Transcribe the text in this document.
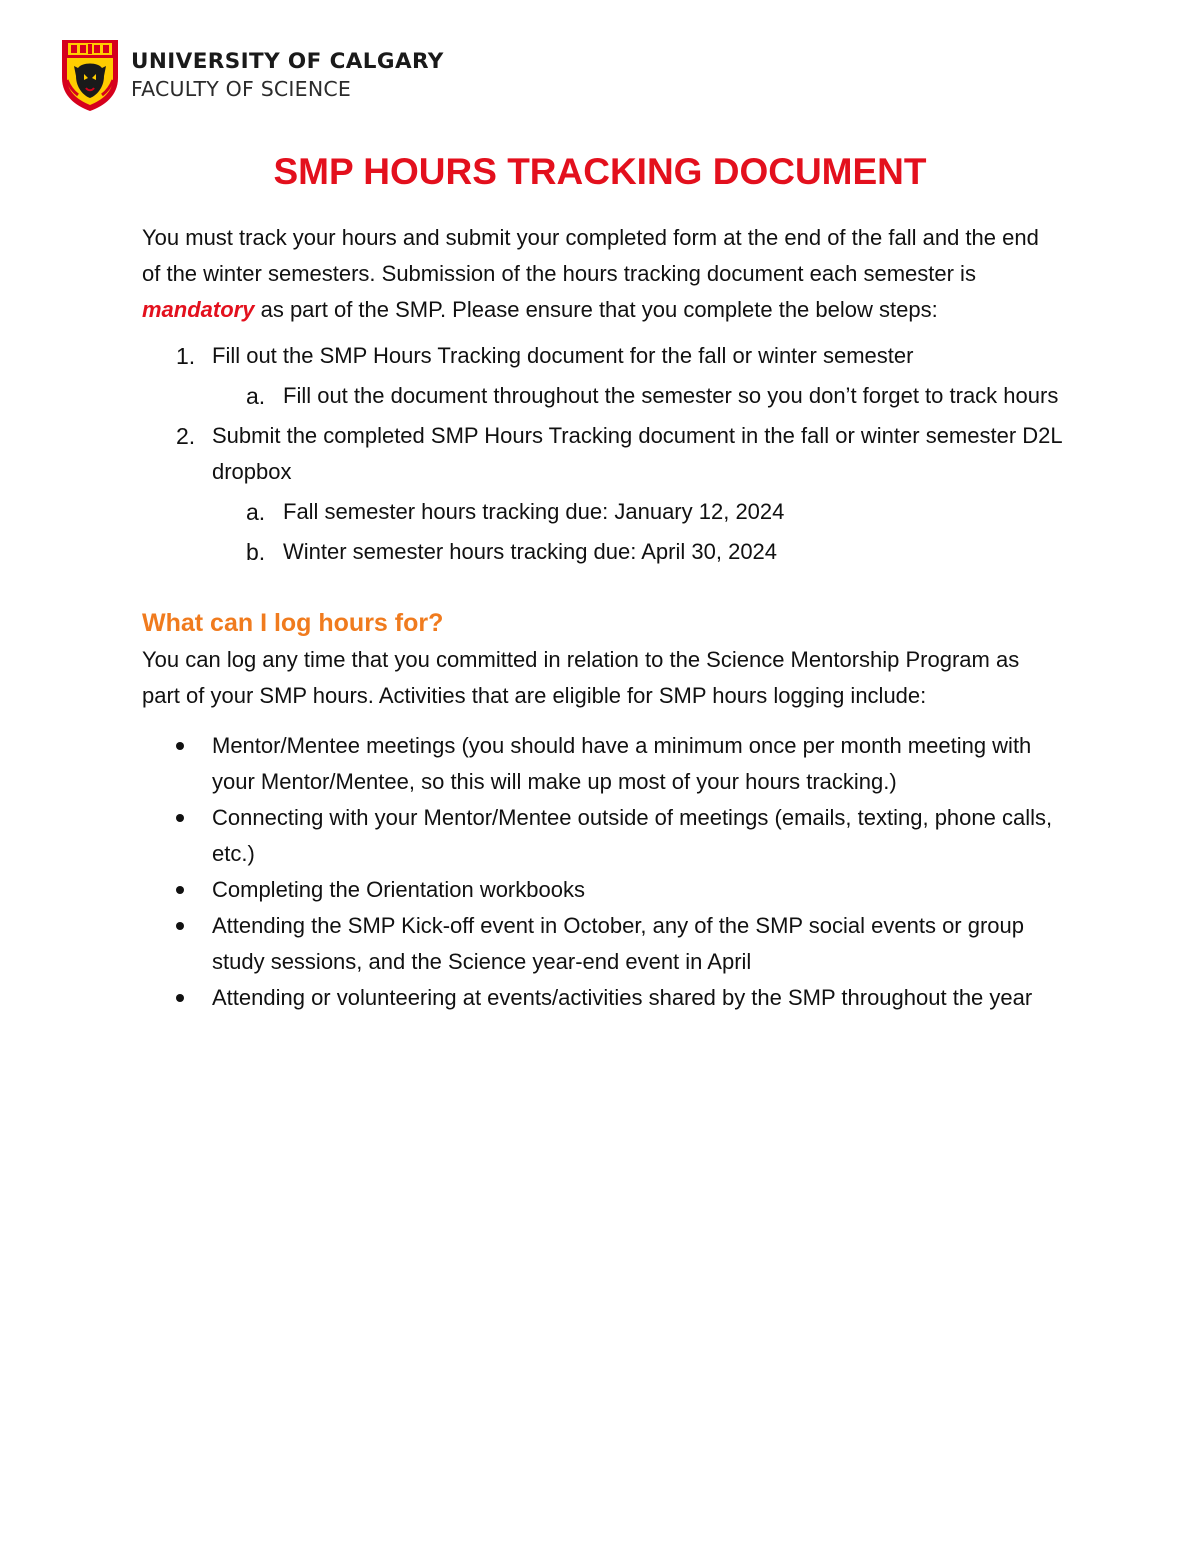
UNIVERSITY OF CALGARY
FACULTY OF SCIENCE
SMP HOURS TRACKING DOCUMENT

You must track your hours and submit your completed form at the end of the fall and the end of the winter semesters. Submission of the hours tracking document each semester is mandatory as part of the SMP. Please ensure that you complete the below steps:

1. Fill out the SMP Hours Tracking document for the fall or winter semester
a. Fill out the document throughout the semester so you don’t forget to track hours
2. Submit the completed SMP Hours Tracking document in the fall or winter semester D2L dropbox
a. Fall semester hours tracking due: January 12, 2024
b. Winter semester hours tracking due: April 30, 2024

What can I log hours for?

You can log any time that you committed in relation to the Science Mentorship Program as part of your SMP hours. Activities that are eligible for SMP hours logging include:

Mentor/Mentee meetings (you should have a minimum once per month meeting with your Mentor/Mentee, so this will make up most of your hours tracking.)
Connecting with your Mentor/Mentee outside of meetings (emails, texting, phone calls, etc.)
Completing the Orientation workbooks
Attending the SMP Kick-off event in October, any of the SMP social events or group study sessions, and the Science year-end event in April
Attending or volunteering at events/activities shared by the SMP throughout the year
